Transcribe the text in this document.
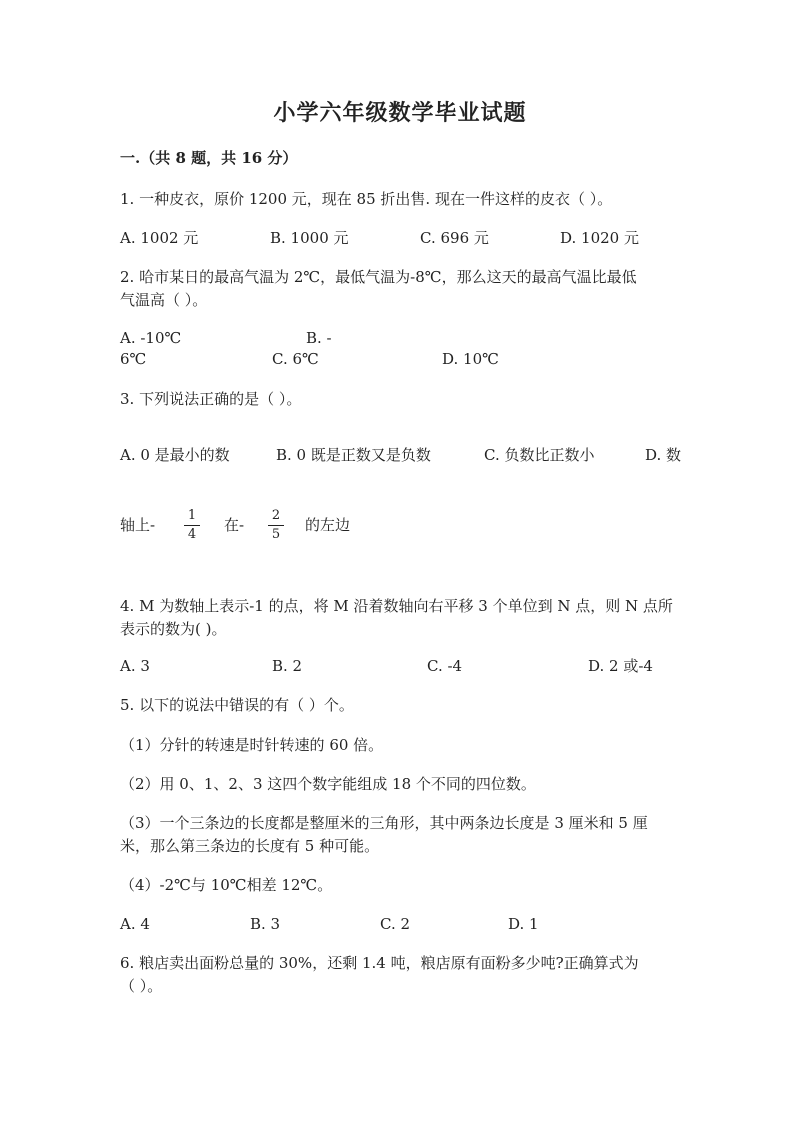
小学六年级数学毕业试题
一.（共 8 题，共 16 分）
1. 一种皮衣，原价 1200 元，现在 85 折出售. 现在一件这样的皮衣（ ）。
A. 1002 元	B. 1000 元	C. 696 元	D. 1020 元
2. 哈市某日的最高气温为 2℃，最低气温为-8℃，那么这天的最高气温比最低
气温高（ ）。
A. -10℃	B. -
6℃	C. 6℃	D. 10℃
3. 下列说法正确的是（ ）。
A. 0 是最小的数	B. 0 既是正数又是负数	C. 负数比正数小	D. 数
轴上-
1
4
在-
2
5
的左边
4. M 为数轴上表示-1 的点，将 M 沿着数轴向右平移 3 个单位到 N 点，则 N 点所
表示的数为( )。
A. 3	B. 2	C. -4	D. 2 或-4
5. 以下的说法中错误的有（ ）个。
（1）分针的转速是时针转速的 60 倍。
（2）用 0、1、2、3 这四个数字能组成 18 个不同的四位数。
（3）一个三条边的长度都是整厘米的三角形，其中两条边长度是 3 厘米和 5 厘
米，那么第三条边的长度有 5 种可能。
（4）-2℃与 10℃相差 12℃。
A. 4	B. 3	C. 2	D. 1
6. 粮店卖出面粉总量的 30%，还剩 1.4 吨，粮店原有面粉多少吨?正确算式为
（ ）。
